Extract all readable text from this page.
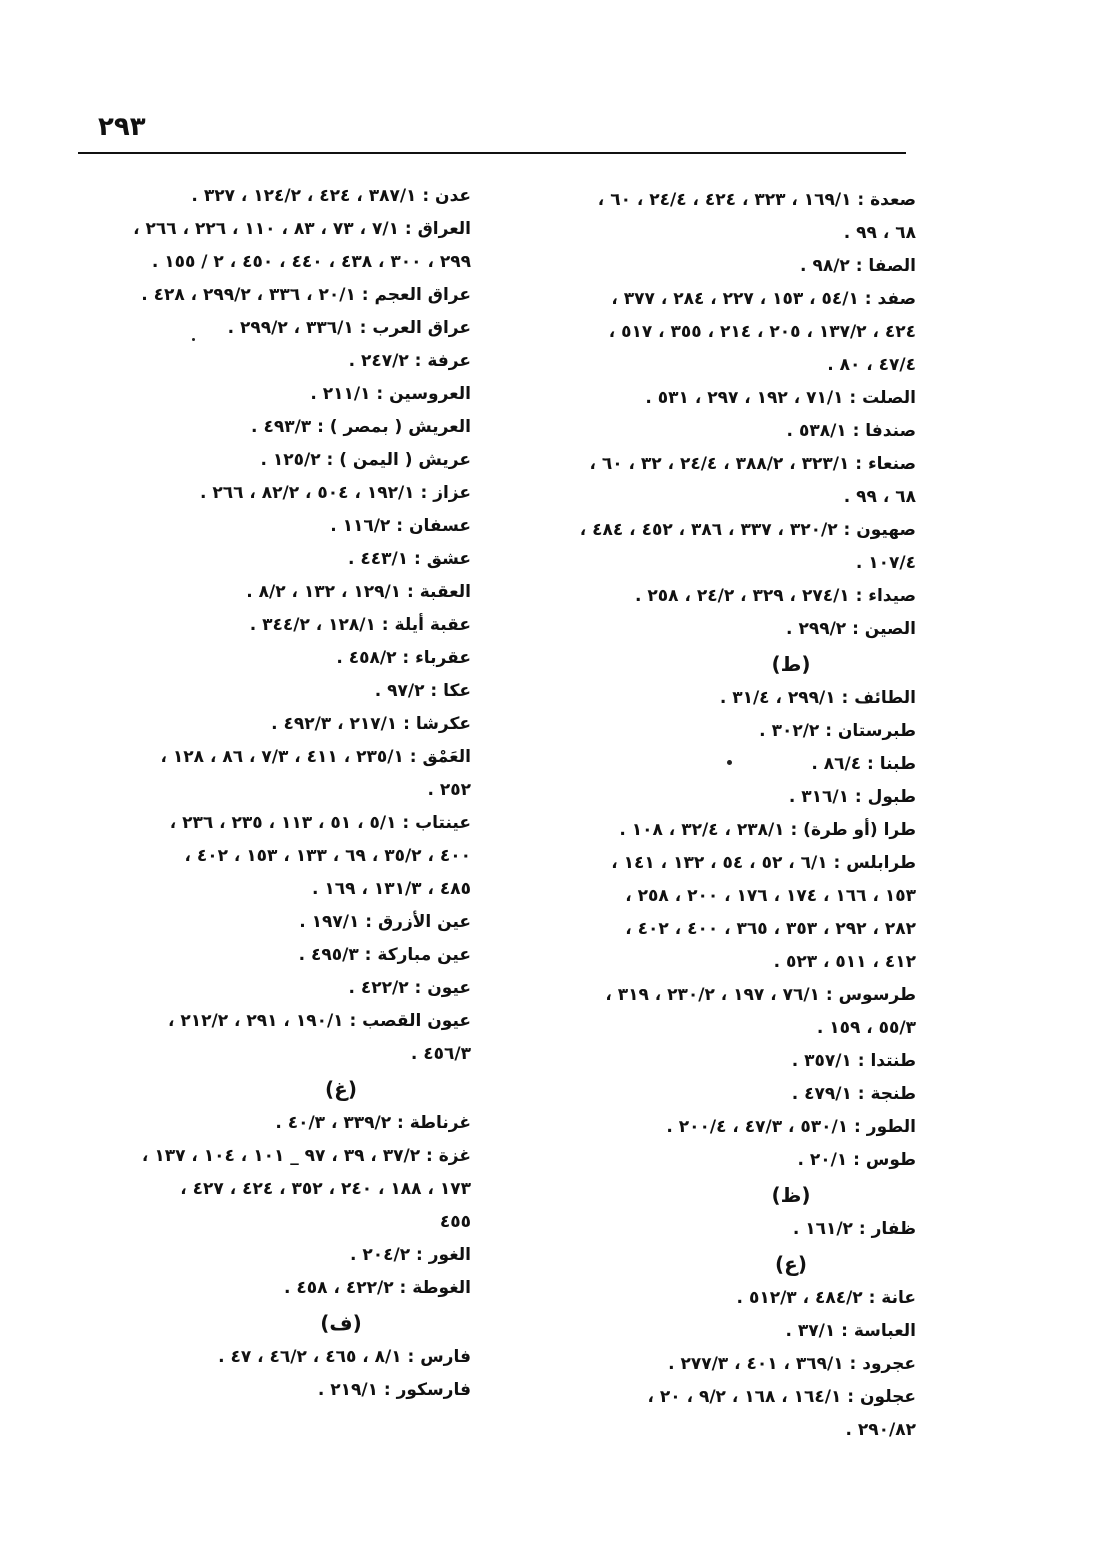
٢٩٣
صعدة : ١٦٩/١ ، ٣٢٣ ، ٤٢٤ ، ٢٤/٤ ، ٦٠ ،
٦٨ ، ٩٩ .
الصفا : ٩٨/٢ .
صفد : ٥٤/١ ، ١٥٣ ، ٢٢٧ ، ٢٨٤ ، ٣٧٧ ،
٤٢٤ ، ١٣٧/٢ ، ٢٠٥ ، ٢١٤ ، ٣٥٥ ، ٥١٧ ،
٤٧/٤ ، ٨٠ .
الصلت : ٧١/١ ، ١٩٢ ، ٢٩٧ ، ٥٣١ .
صندفا : ٥٣٨/١ .
صنعاء : ٣٢٣/١ ، ٣٨٨/٢ ، ٢٤/٤ ، ٣٢ ، ٦٠ ،
٦٨ ، ٩٩ .
صهيون : ٣٢٠/٢ ، ٣٣٧ ، ٣٨٦ ، ٤٥٢ ، ٤٨٤ ،
١٠٧/٤ .
صيداء : ٢٧٤/١ ، ٣٢٩ ، ٢٤/٢ ، ٢٥٨ .
الصين : ٢٩٩/٢ .
(ط)
الطائف : ٢٩٩/١ ، ٣١/٤ .
طبرستان : ٣٠٢/٢ .
طبنا : ٨٦/٤ .
طبول : ٣١٦/١ .
طرا (أو طرة) : ٢٣٨/١ ، ٣٢/٤ ، ١٠٨ .
طرابلس : ٦/١ ، ٥٢ ، ٥٤ ، ١٣٢ ، ١٤١ ،
١٥٣ ، ١٦٦ ، ١٧٤ ، ١٧٦ ، ٢٠٠ ، ٢٥٨ ،
٢٨٢ ، ٢٩٢ ، ٣٥٣ ، ٣٦٥ ، ٤٠٠ ، ٤٠٢ ،
٤١٢ ، ٥١١ ، ٥٢٣ .
طرسوس : ٧٦/١ ، ١٩٧ ، ٢٣٠/٢ ، ٣١٩ ،
٥٥/٣ ، ١٥٩ .
طنتدا : ٣٥٧/١ .
طنجة : ٤٧٩/١ .
الطور : ٥٣٠/١ ، ٤٧/٣ ، ٢٠٠/٤ .
طوس : ٢٠/١ .
(ظ)
ظفار : ١٦١/٢ .
(ع)
عانة : ٤٨٤/٢ ، ٥١٢/٣ .
العباسة : ٣٧/١ .
عجرود : ٣٦٩/١ ، ٤٠١ ، ٢٧٧/٣ .
عجلون : ١٦٤/١ ، ١٦٨ ، ٩/٢ ، ٢٠ ،
٢٩٠/٨٢ .
عدن : ٣٨٧/١ ، ٤٢٤ ، ١٢٤/٢ ، ٣٢٧ .
العراق : ٧/١ ، ٧٣ ، ٨٣ ، ١١٠ ، ٢٢٦ ، ٢٦٦ ،
٢٩٩ ، ٣٠٠ ، ٤٣٨ ، ٤٤٠ ، ٤٥٠ ، ٢ / ١٥٥ .
عراق العجم : ٢٠/١ ، ٣٣٦ ، ٢٩٩/٢ ، ٤٢٨ .
عراق العرب : ٣٣٦/١ ، ٢٩٩/٢ .
عرفة : ٢٤٧/٢ .
العروسين : ٢١١/١ .
العريش ( بمصر ) : ٤٩٣/٣ .
عريش ( اليمن ) : ١٢٥/٢ .
عزاز : ١٩٢/١ ، ٥٠٤ ، ٨٢/٢ ، ٢٦٦ .
عسفان : ١١٦/٢ .
عشق : ٤٤٣/١ .
العقبة : ١٢٩/١ ، ١٣٢ ، ٨/٢ .
عقبة أيلة : ١٢٨/١ ، ٣٤٤/٢ .
عقرباء : ٤٥٨/٢ .
عكا : ٩٧/٢ .
عكرشا : ٢١٧/١ ، ٤٩٢/٣ .
العَمْق : ٢٣٥/١ ، ٤١١ ، ٧/٣ ، ٨٦ ، ١٢٨ ،
٢٥٢ .
عينتاب : ٥/١ ، ٥١ ، ١١٣ ، ٢٣٥ ، ٢٣٦ ،
٤٠٠ ، ٣٥/٢ ، ٦٩ ، ١٣٣ ، ١٥٣ ، ٤٠٢ ،
٤٨٥ ، ١٣١/٣ ، ١٦٩ .
عين الأزرق : ١٩٧/١ .
عين مباركة : ٤٩٥/٣ .
عيون : ٤٢٢/٢ .
عيون القصب : ١٩٠/١ ، ٢٩١ ، ٢١٢/٢ ،
٤٥٦/٣ .
(غ)
غرناطة : ٣٣٩/٢ ، ٤٠/٣ .
غزة : ٣٧/٢ ، ٣٩ ، ٩٧ _ ١٠١ ، ١٠٤ ، ١٣٧ ،
١٧٣ ، ١٨٨ ، ٢٤٠ ، ٣٥٢ ، ٤٢٤ ، ٤٢٧ ،
٤٥٥
الغور : ٢٠٤/٢ .
الغوطة : ٤٢٢/٢ ، ٤٥٨ .
(ف)
فارس : ٨/١ ، ٤٦٥ ، ٤٦/٢ ، ٤٧ .
فارسكور : ٢١٩/١ .
